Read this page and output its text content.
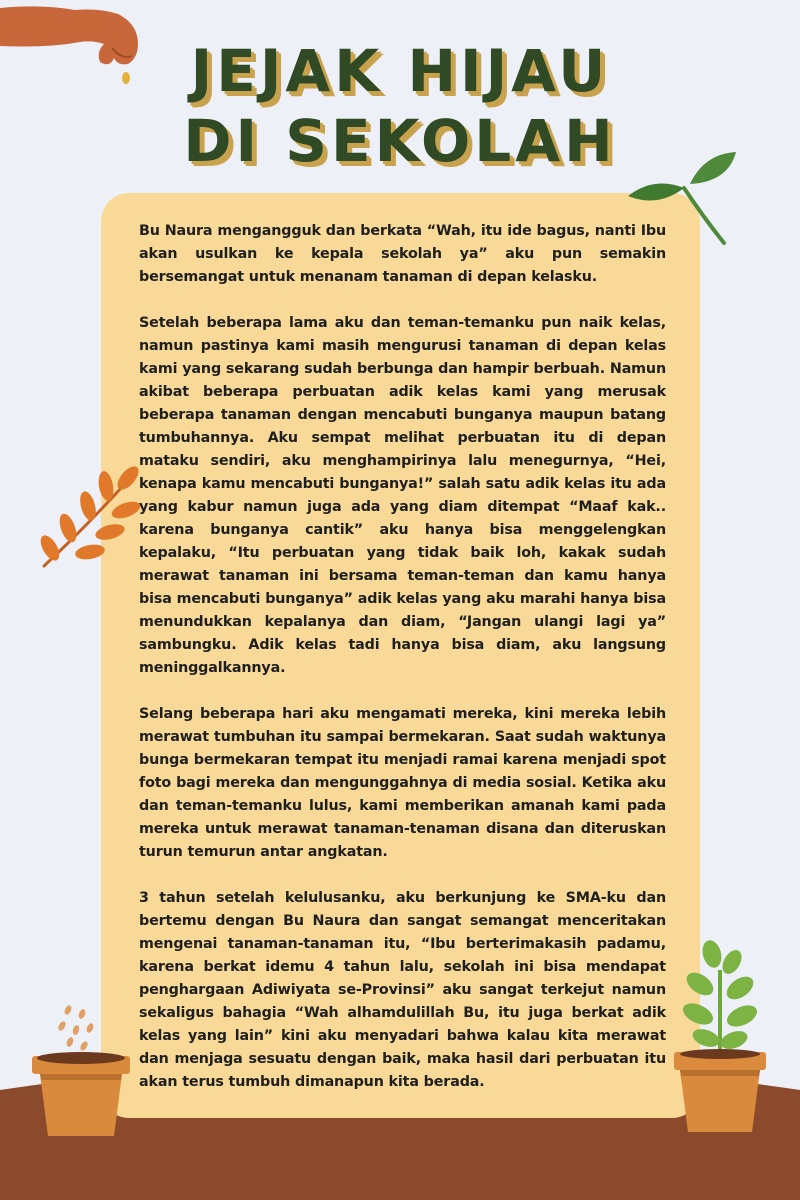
JEJAK HIJAU
DI SEKOLAH

Bu Naura mengangguk dan berkata “Wah, itu ide bagus, nanti Ibu akan usulkan ke kepala sekolah ya” aku pun semakin bersemangat untuk menanam tanaman di depan kelasku.

Setelah beberapa lama aku dan teman-temanku pun naik kelas, namun pastinya kami masih mengurusi tanaman di depan kelas kami yang sekarang sudah berbunga dan hampir berbuah. Namun akibat beberapa perbuatan adik kelas kami yang merusak beberapa tanaman dengan mencabuti bunganya maupun batang tumbuhannya. Aku sempat melihat perbuatan itu di depan mataku sendiri, aku menghampirinya lalu menegurnya, “Hei, kenapa kamu mencabuti bunganya!” salah satu adik kelas itu ada yang kabur namun juga ada yang diam ditempat “Maaf kak.. karena bunganya cantik” aku hanya bisa menggelengkan kepalaku, “Itu perbuatan yang tidak baik loh, kakak sudah merawat tanaman ini bersama teman-teman dan kamu hanya bisa mencabuti bunganya” adik kelas yang aku marahi hanya bisa menundukkan kepalanya dan diam, “Jangan ulangi lagi ya” sambungku. Adik kelas tadi hanya bisa diam, aku langsung meninggalkannya.

Selang beberapa hari aku mengamati mereka, kini mereka lebih merawat tumbuhan itu sampai bermekaran. Saat sudah waktunya bunga bermekaran tempat itu menjadi ramai karena menjadi spot foto bagi mereka dan mengunggahnya di media sosial. Ketika aku dan teman-temanku lulus, kami memberikan amanah kami pada mereka untuk merawat tanaman-tenaman disana dan diteruskan turun temurun antar angkatan.

3 tahun setelah kelulusanku, aku berkunjung ke SMA-ku dan bertemu dengan Bu Naura dan sangat semangat menceritakan mengenai tanaman-tanaman itu, “Ibu berterimakasih padamu, karena berkat idemu 4 tahun lalu, sekolah ini bisa mendapat penghargaan Adiwiyata se-Provinsi” aku sangat terkejut namun sekaligus bahagia “Wah alhamdulillah Bu, itu juga berkat adik kelas yang lain” kini aku menyadari bahwa kalau kita merawat dan menjaga sesuatu dengan baik, maka hasil dari perbuatan itu akan terus tumbuh dimanapun kita berada.
